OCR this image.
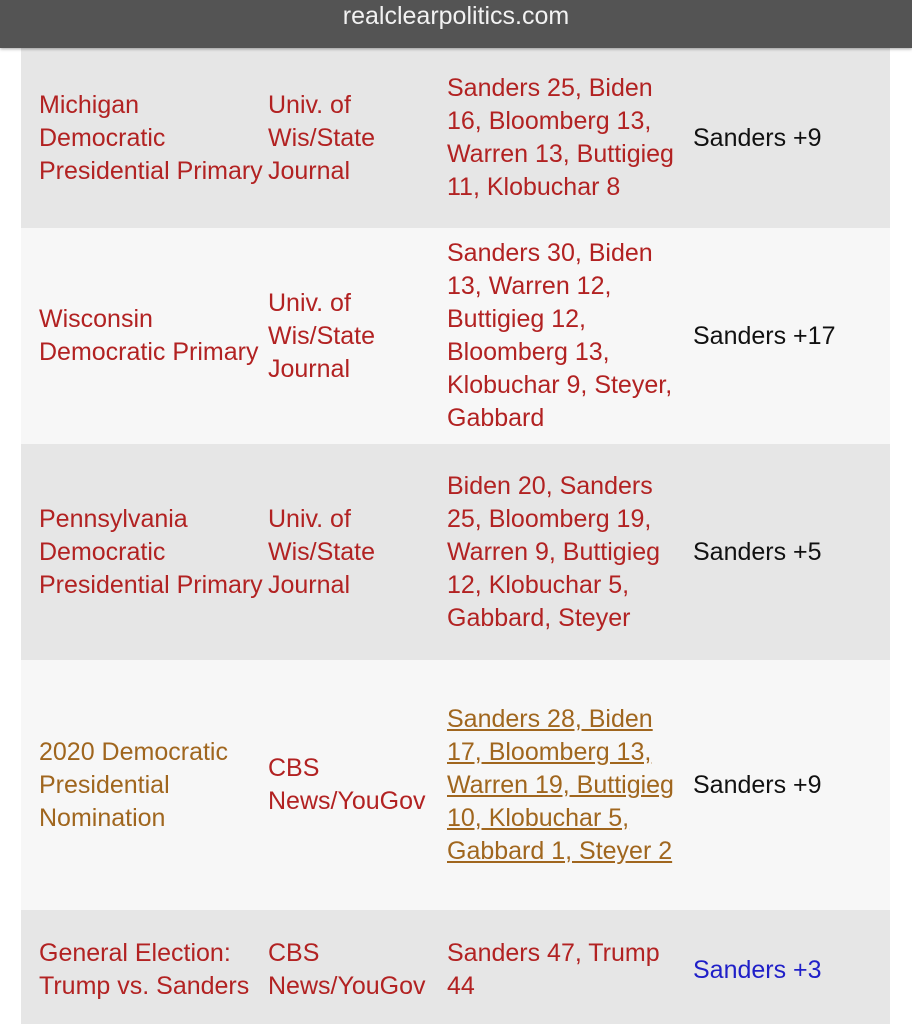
realclearpolitics.com
Michigan Democratic Presidential Primary	Univ. of Wis/State Journal	Sanders 25, Biden 16, Bloomberg 13, Warren 13, Buttigieg 11, Klobuchar 8	Sanders +9

Wisconsin Democratic Primary	Univ. of Wis/State Journal	Sanders 30, Biden 13, Warren 12, Buttigieg 12, Bloomberg 13, Klobuchar 9, Steyer, Gabbard	Sanders +17

Pennsylvania Democratic Presidential Primary	Univ. of Wis/State Journal	Biden 20, Sanders 25, Bloomberg 19, Warren 9, Buttigieg 12, Klobuchar 5, Gabbard, Steyer	Sanders +5

2020 Democratic Presidential Nomination	CBS News/YouGov	Sanders 28, Biden 17, Bloomberg 13, Warren 19, Buttigieg 10, Klobuchar 5, Gabbard 1, Steyer 2	Sanders +9

General Election: Trump vs. Sanders	CBS News/YouGov	Sanders 47, Trump 44	Sanders +3
